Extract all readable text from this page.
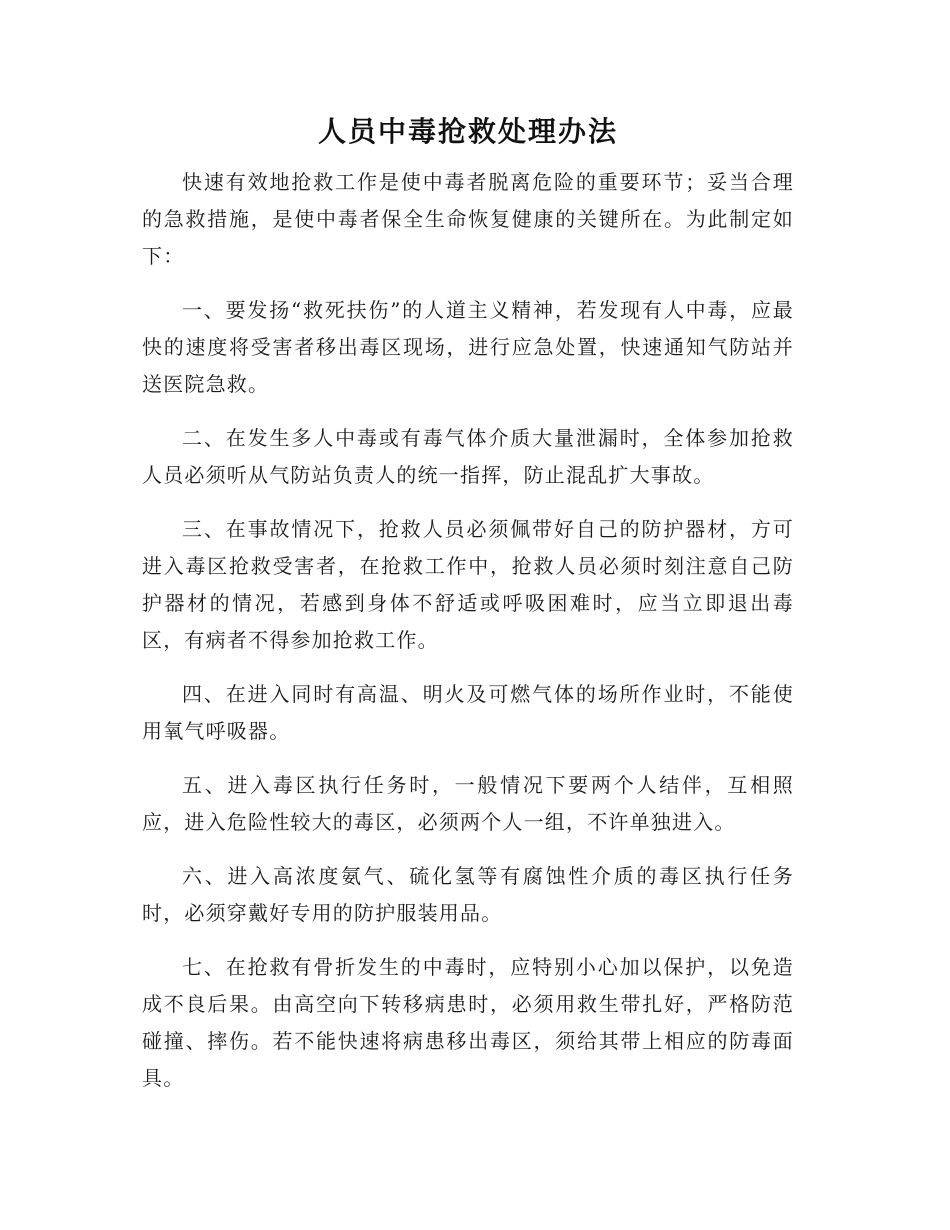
人员中毒抢救处理办法

快速有效地抢救工作是使中毒者脱离危险的重要环节；妥当合理的急救措施，是使中毒者保全生命恢复健康的关键所在。为此制定如下：

一、要发扬“救死扶伤”的人道主义精神，若发现有人中毒，应最快的速度将受害者移出毒区现场，进行应急处置，快速通知气防站并送医院急救。

二、在发生多人中毒或有毒气体介质大量泄漏时，全体参加抢救人员必须听从气防站负责人的统一指挥，防止混乱扩大事故。

三、在事故情况下，抢救人员必须佩带好自己的防护器材，方可进入毒区抢救受害者，在抢救工作中，抢救人员必须时刻注意自己防护器材的情况，若感到身体不舒适或呼吸困难时，应当立即退出毒区，有病者不得参加抢救工作。

四、在进入同时有高温、明火及可燃气体的场所作业时，不能使用氧气呼吸器。

五、进入毒区执行任务时，一般情况下要两个人结伴，互相照应，进入危险性较大的毒区，必须两个人一组，不许单独进入。

六、进入高浓度氨气、硫化氢等有腐蚀性介质的毒区执行任务时，必须穿戴好专用的防护服装用品。

七、在抢救有骨折发生的中毒时，应特别小心加以保护，以免造成不良后果。由高空向下转移病患时，必须用救生带扎好，严格防范碰撞、摔伤。若不能快速将病患移出毒区，须给其带上相应的防毒面具。
